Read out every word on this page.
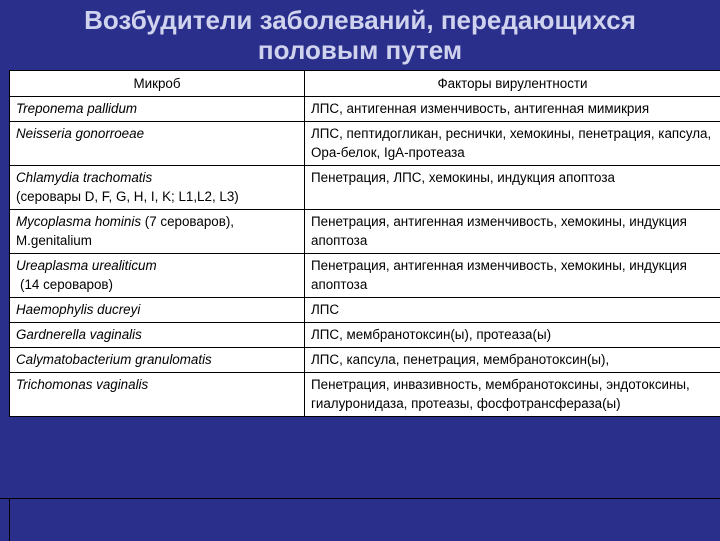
Возбудители заболеваний, передающихся
половым путем
Микроб	Факторы вирулентности
Treponema pallidum	ЛПС, антигенная изменчивость, антигенная мимикрия
Neisseria gonorroeae	ЛПС, пептидогликан, реснички, хемокины, пенетрация, капсула, Ора-белок, IgA-протеаза
Chlamydia trachomatis
(серовары D, F, G, H, I, K; L1,L2, L3)	Пенетрация, ЛПС, хемокины, индукция апоптоза
Mycoplasma hominis (7 сероваров), M.genitalium	Пенетрация, антигенная изменчивость, хемокины, индукция апоптоза
Ureaplasma urealiticum
(14 сероваров)	Пенетрация, антигенная изменчивость, хемокины, индукция апоптоза
Haemophylis ducreyi	ЛПС
Gardnerella vaginalis	ЛПС, мембранотоксин(ы), протеаза(ы)
Calymatobacterium granulomatis	ЛПС, капсула, пенетрация, мембранотоксин(ы),
Trichomonas vaginalis	Пенетрация, инвазивность, мембранотоксины, эндотоксины, гиалуронидаза, протеазы, фосфотрансфераза(ы)
